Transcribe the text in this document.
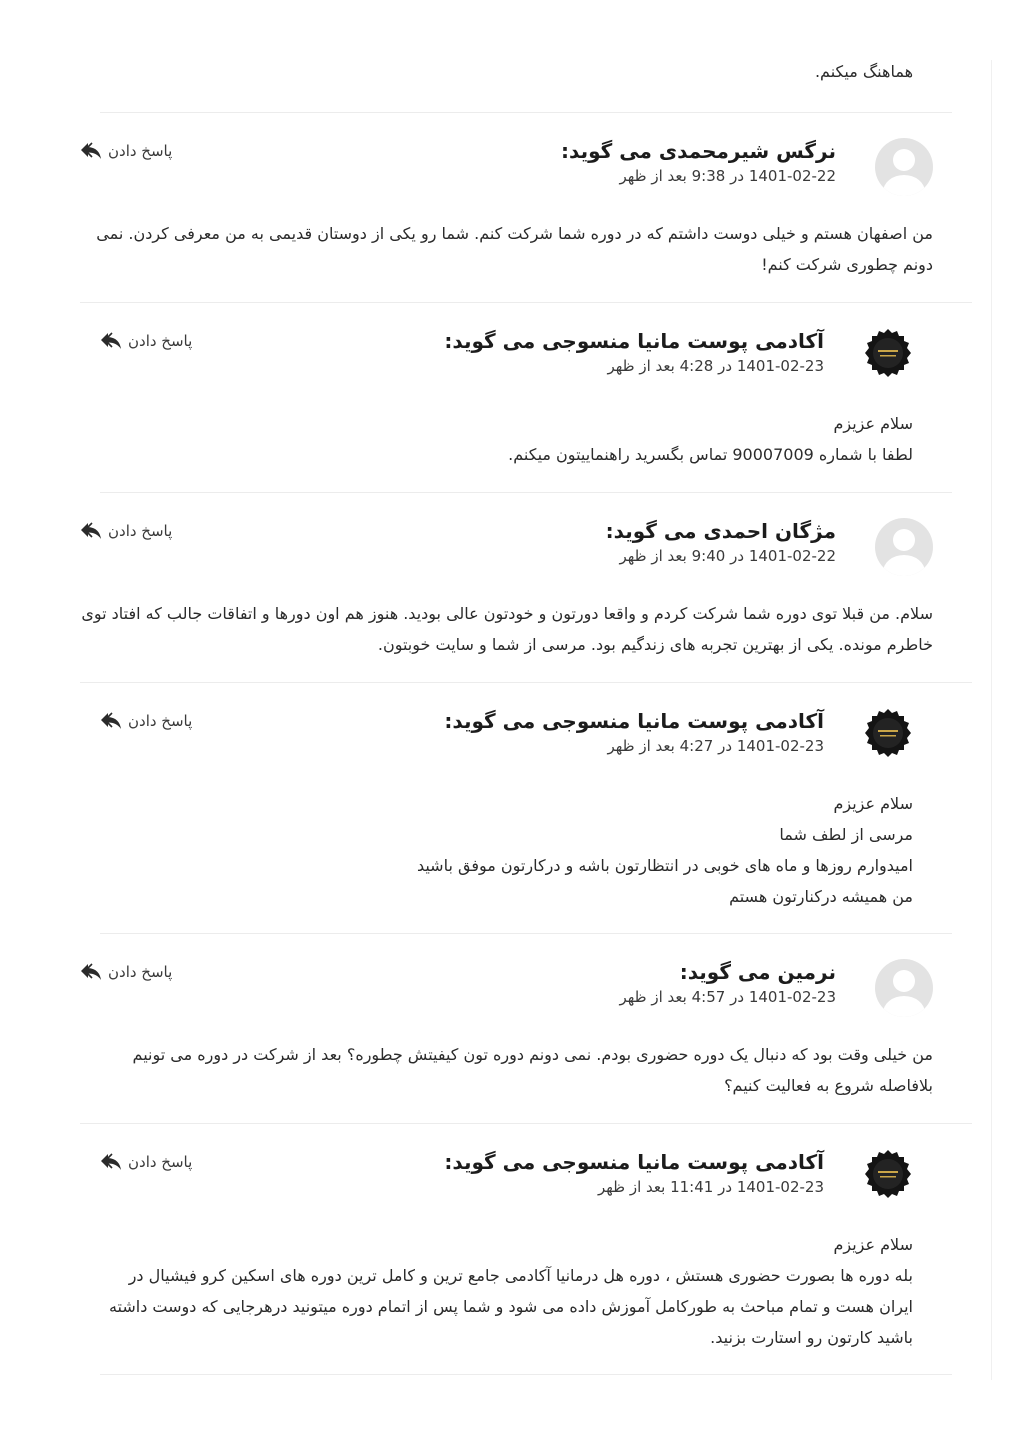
هماهنگ میکنم.
نرگس شیرمحمدی می گوید:
1401-02-22 در 9:38 بعد از ظهر
پاسخ دادن

من اصفهان هستم و خیلی دوست داشتم که در دوره شما شرکت کنم. شما رو یکی از دوستان قدیمی به من معرفی کردن. نمی دونم چطوری شرکت کنم!

آکادمی پوست مانیا منسوجی می گوید:
1401-02-23 در 4:28 بعد از ظهر
پاسخ دادن

سلام عزیزم

لطفا با شماره 90007009 تماس بگسرید راهنماییتون میکنم.

مژگان احمدی می گوید:
1401-02-22 در 9:40 بعد از ظهر
پاسخ دادن

سلام. من قبلا توی دوره شما شرکت کردم و واقعا دورتون و خودتون عالی بودید. هنوز هم اون دورها و اتفاقات جالب که افتاد توی خاطرم مونده. یکی از بهترین تجربه های زندگیم بود. مرسی از شما و سایت خوبتون.

آکادمی پوست مانیا منسوجی می گوید:
1401-02-23 در 4:27 بعد از ظهر
پاسخ دادن

سلام عزیزم

مرسی از لطف شما

امیدوارم روزها و ماه های خوبی در انتظارتون باشه و درکارتون موفق باشید

من همیشه درکنارتون هستم

نرمین می گوید:
1401-02-23 در 4:57 بعد از ظهر
پاسخ دادن

من خیلی وقت بود که دنبال یک دوره حضوری بودم. نمی دونم دوره تون کیفیتش چطوره؟ بعد از شرکت در دوره می تونیم بلافاصله شروع به فعالیت کنیم؟

آکادمی پوست مانیا منسوجی می گوید:
1401-02-23 در 11:41 بعد از ظهر
پاسخ دادن

سلام عزیزم

بله دوره ها بصورت حضوری هستش ، دوره هل درمانیا آکادمی جامع ترین و کامل ترین دوره های اسکین کرو فیشیال در ایران هست و تمام مباحث به طورکامل آموزش داده می شود و شما پس از اتمام دوره میتونید درهرجایی که دوست داشته باشید کارتون رو استارت بزنید.
